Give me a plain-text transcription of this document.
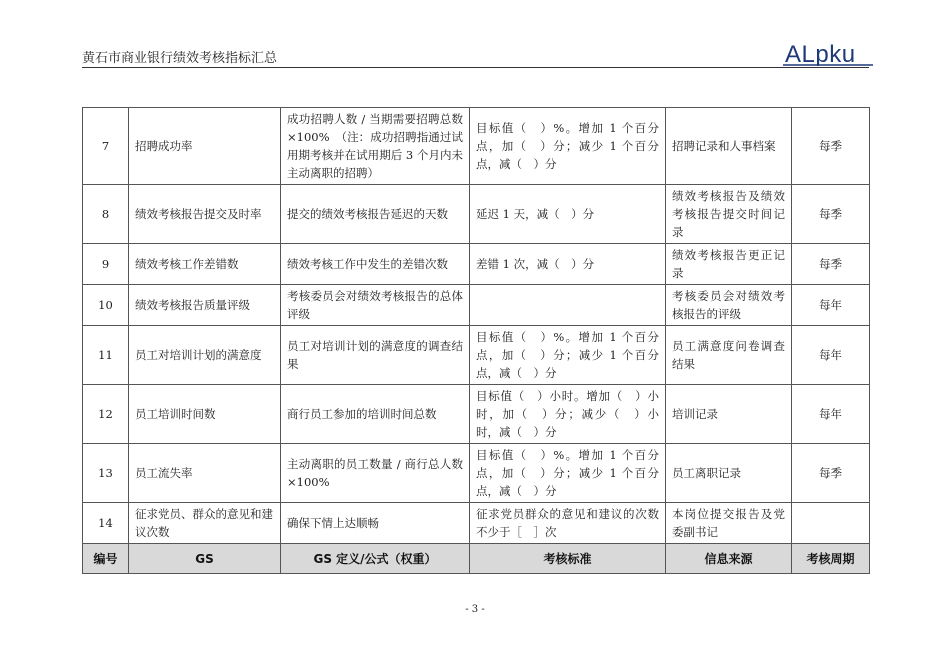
黄石市商业银行绩效考核指标汇总	ALpku
7	招聘成功率	成功招聘人数 / 当期需要招聘总数×100%　（注：成功招聘指通过试用期考核并在试用期后 3 个月内未主动离职的招聘）	目标值（　）%。增加 1 个百分点，加（　）分；减少 1 个百分点，减（　）分	招聘记录和人事档案	每季
8	绩效考核报告提交及时率	提交的绩效考核报告延迟的天数	延迟 1 天，减（　）分	绩效考核报告及绩效考核报告提交时间记录	每季
9	绩效考核工作差错数	绩效考核工作中发生的差错次数	差错 1 次，减（　）分	绩效考核报告更正记录	每季
10	绩效考核报告质量评级	考核委员会对绩效考核报告的总体评级		考核委员会对绩效考核报告的评级	每年
11	员工对培训计划的满意度	员工对培训计划的满意度的调查结果	目标值（　）%。增加 1 个百分点，加（　）分；减少 1 个百分点，减（　）分	员工满意度问卷调查结果	每年
12	员工培训时间数	商行员工参加的培训时间总数	目标值（　）小时。增加（　）小时，加（　）分；减少（　）小时，减（　）分	培训记录	每年
13	员工流失率	主动离职的员工数量 / 商行总人数×100%	目标值（　）%。增加 1 个百分点，加（　）分；减少 1 个百分点，减（　）分	员工离职记录	每季
14	征求党员、群众的意见和建议次数	确保下情上达顺畅	征求党员群众的意见和建议的次数不少于［　］次	本岗位提交报告及党委副书记	
编号	GS	GS 定义/公式（权重）	考核标准	信息来源	考核周期
- 3 -
